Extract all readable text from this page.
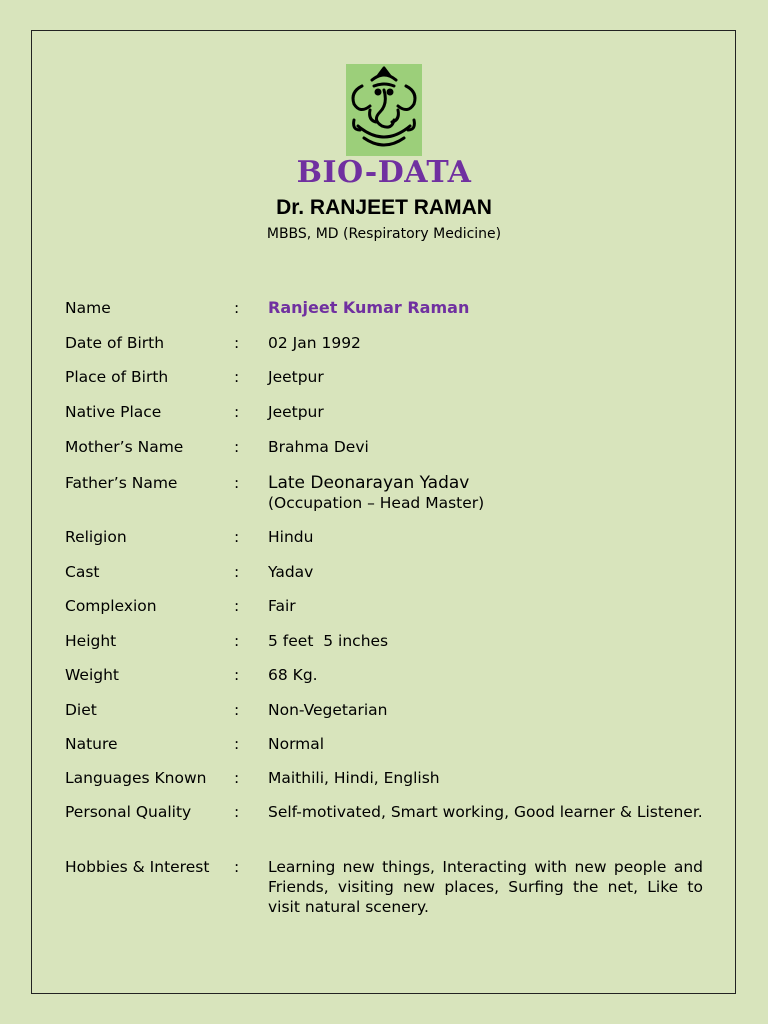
BIO-DATA
Dr. RANJEET RAMAN
MBBS, MD (Respiratory Medicine)
Name	: Ranjeet Kumar Raman
Date of Birth	: 02 Jan 1992
Place of Birth	: Jeetpur
Native Place	: Jeetpur
Mother’s Name	: Brahma Devi
Father’s Name	: Late Deonarayan Yadav
(Occupation – Head Master)
Religion	: Hindu
Cast	: Yadav
Complexion	: Fair
Height	: 5 feet  5 inches
Weight	: 68 Kg.
Diet	: Non-Vegetarian
Nature	: Normal
Languages Known	: Maithili, Hindi, English
Personal Quality	: Self-motivated, Smart working, Good learner & Listener.
Hobbies & Interest	: Learning new things, Interacting with new people and Friends, visiting new places, Surfing the net, Like to visit natural scenery.
